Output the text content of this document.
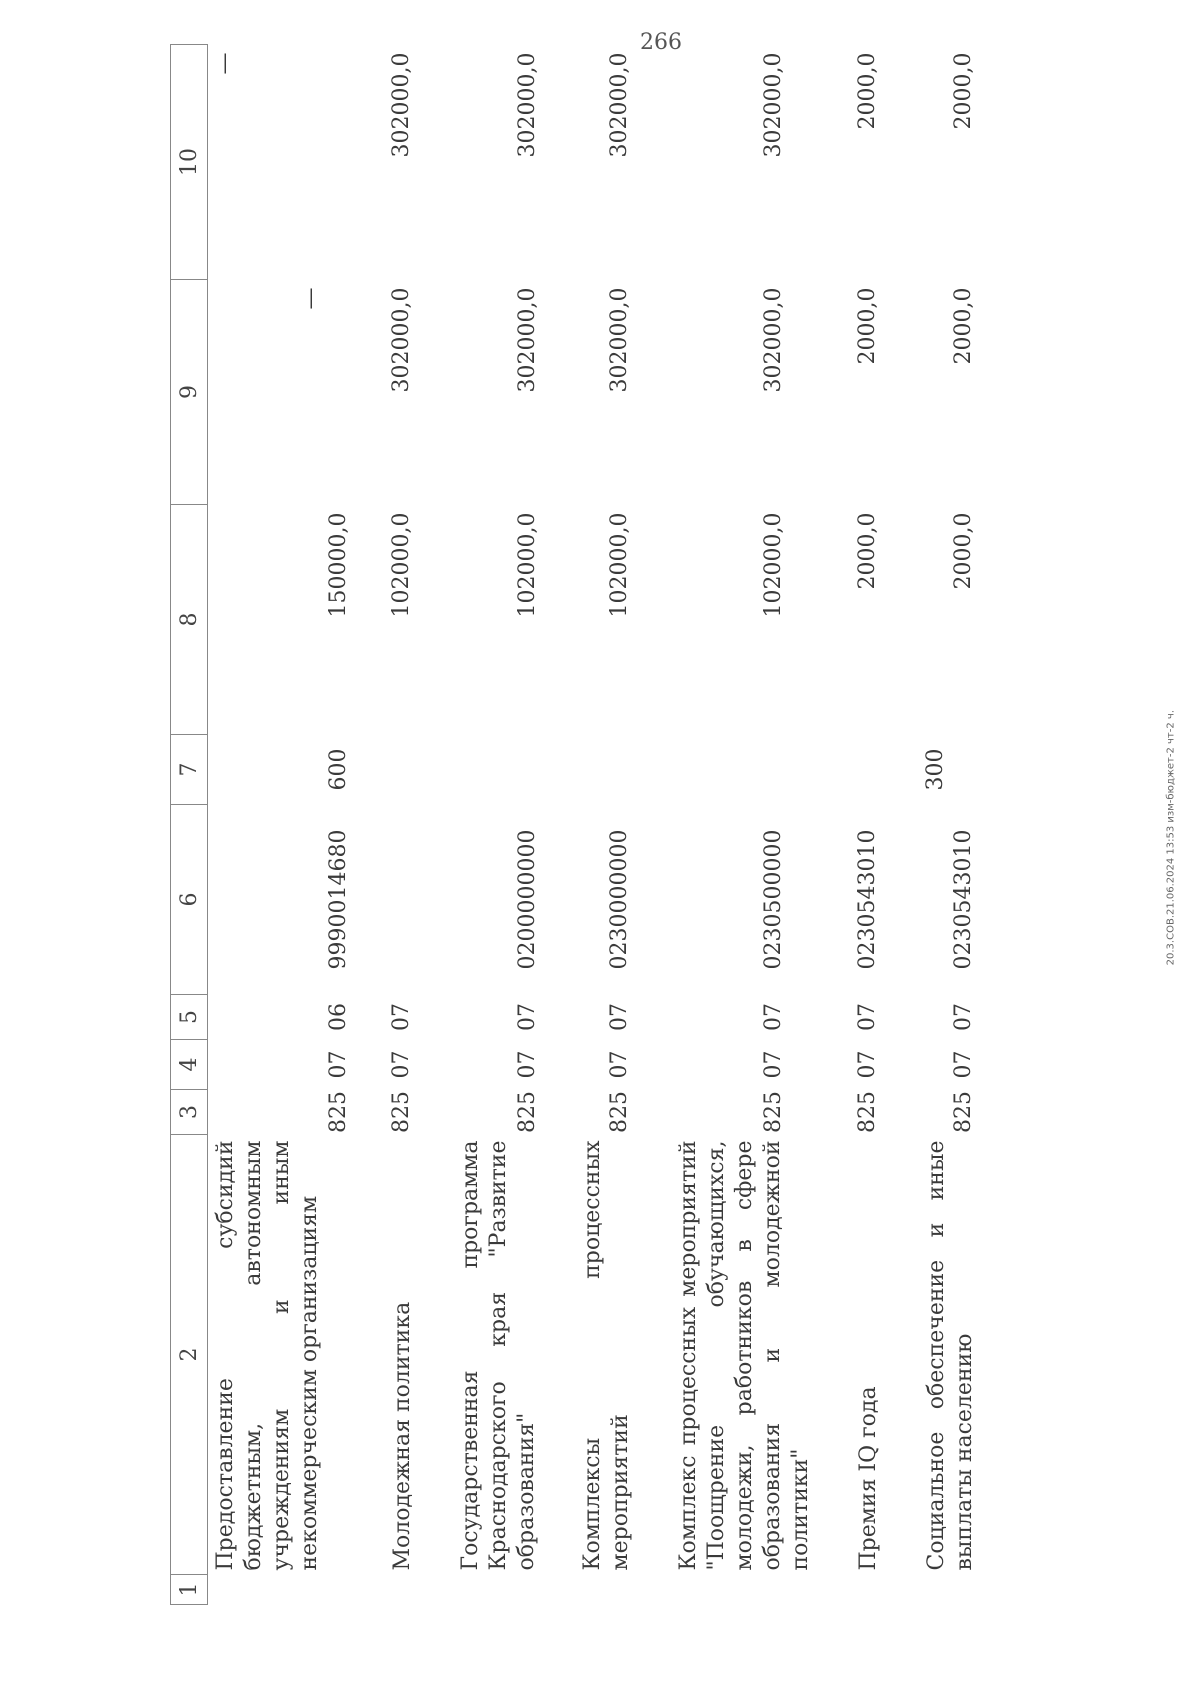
266
20.3.СОВ.21.06.2024 13:53 изм-бюджет-2 чт-2 ч.
1	2	3	4	5	6	7	8	9	10
	Предоставление субсидий бюджетным, автономным учреждениям и иным некоммерческим организациям	825	07	06	9990014680	600	150000,0	—	—
	Молодежная политика	825	07	07			102000,0	302000,0	302000,0
	Государственная программа Краснодарского края "Развитие образования"	825	07	07	0200000000		102000,0	302000,0	302000,0
	Комплексы процессных мероприятий	825	07	07	0230000000		102000,0	302000,0	302000,0
	Комплекс процессных мероприятий "Поощрение обучающихся, молодежи, работников в сфере образования и молодежной политики"	825	07	07	0230500000		102000,0	302000,0	302000,0
	Премия IQ года	825	07	07	0230543010		2000,0	2000,0	2000,0
	Социальное обеспечение и иные выплаты населению	825	07	07	0230543010	300	2000,0	2000,0	2000,0
